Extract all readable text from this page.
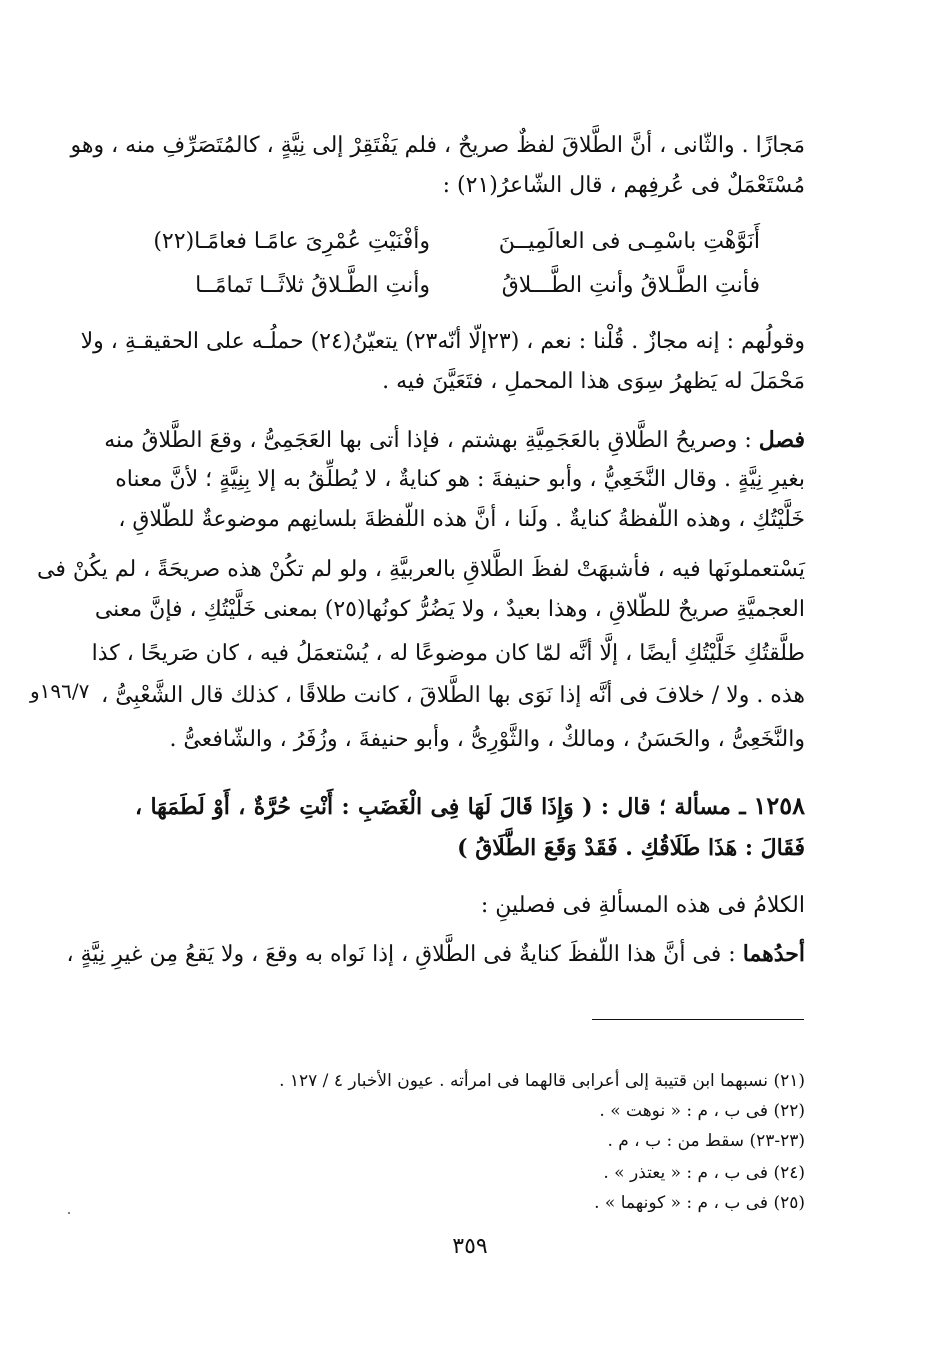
مَجازًا . والثّانى ، أنَّ الطَّلاقَ لفظٌ صريحٌ ، فلم يَفْتَقِرْ إلى نِيَّةٍ ، كالمُتَصَرِّفِ منه ، وهو
مُسْتَعْمَلٌ فى عُرفِهم ، قال الشّاعرُ(٢١) :
أَنَوَّهْتِ باسْمِـى فى العالَمِيــنَ
وأفْنَيْتِ عُمْرِىَ عامًـا فعامًـا(٢٢)
فأنتِ الطَّـلاقُ وأنتِ الطَّـــلاقُ
وأنتِ الطَّـلاقُ ثلاثًــا تَمامًــا
وقولُهم : إنه مجازٌ . قُلْنا : نعم ، (٢٣إلّا أنّه٢٣) يتعيّنُ(٢٤) حملُـه على الحقيقـةِ ، ولا
مَحْمَلَ له يَظهرُ سِوَى هذا المحملِ ، فتَعَيَّنَ فيه .
فصل : وصريحُ الطَّلاقِ بالعَجَمِيَّةِ بهشتم ، فإذا أتى بها العَجَمِىُّ ، وقعَ الطَّلاقُ منه
بغيرِ نِيَّةٍ . وقال النَّخَعِيُّ ، وأبو حنيفةَ : هو كنايةٌ ، لا يُطلِّقُ به إلا بِنِيَّةٍ ؛ لأنَّ معناه
خَلَّيْتُكِ ، وهذه اللّفظةُ كنايةٌ . ولَنا ، أنَّ هذه اللّفظةَ بلسانِهم موضوعةٌ للطّلاقِ ،
يَسْتعملونَها فيه ، فأشبهَتْ لفظَ الطَّلاقِ بالعربيَّةِ ، ولو لم تكُنْ هذه صريحَةً ، لم يكُنْ فى
العجميَّةِ صريحٌ للطّلاقِ ، وهذا بعيدٌ ، ولا يَضُرُّ كونُها(٢٥) بمعنى خَلَّيْتُكِ ، فإنَّ معنى
طلَّقتُكِ خَلَّيْتُكِ أيضًا ، إلَّا أنَّه لمّا كان موضوعًا له ، يُسْتعمَلُ فيه ، كان صَريحًا ، كذا
هذه . ولا / خلافَ فى أنَّه إذا نَوَى بها الطَّلاقَ ، كانت طلاقًا ، كذلك قال الشَّعْبِىُّ ،
والنَّخَعِىُّ ، والحَسَنُ ، ومالكٌ ، والثَّوْرِىُّ ، وأبو حنيفةَ ، وزُفَرُ ، والشّافعىُّ .
١٩٦/٧و
١٢٥٨ ـ مسألة ؛ قال : ( وَإِذَا قَالَ لَهَا فِى الْغَضَبِ : أَنْتِ حُرَّةٌ ، أَوْ لَطَمَهَا ،
فَقَالَ : هَذَا طَلَاقُكِ . فَقَدْ وَقَعَ الطَّلَاقُ )
الكلامُ فى هذه المسألةِ فى فصلينِ :
أحدُهما : فى أنَّ هذا اللّفظَ كنايةٌ فى الطَّلاقِ ، إذا نَواه به وقعَ ، ولا يَقعُ مِن غيرِ نِيَّةٍ ،
(٢١) نسبهما ابن قتيبة إلى أعرابى قالهما فى امرأته . عيون الأخبار ٤ / ١٢٧ .
(٢٢) فى ب ، م : « نوهت » .
(٢٣-٢٣) سقط من : ب ، م .
(٢٤) فى ب ، م : « يعتذر » .
(٢٥) فى ب ، م : « كونهما » .
٣٥٩
